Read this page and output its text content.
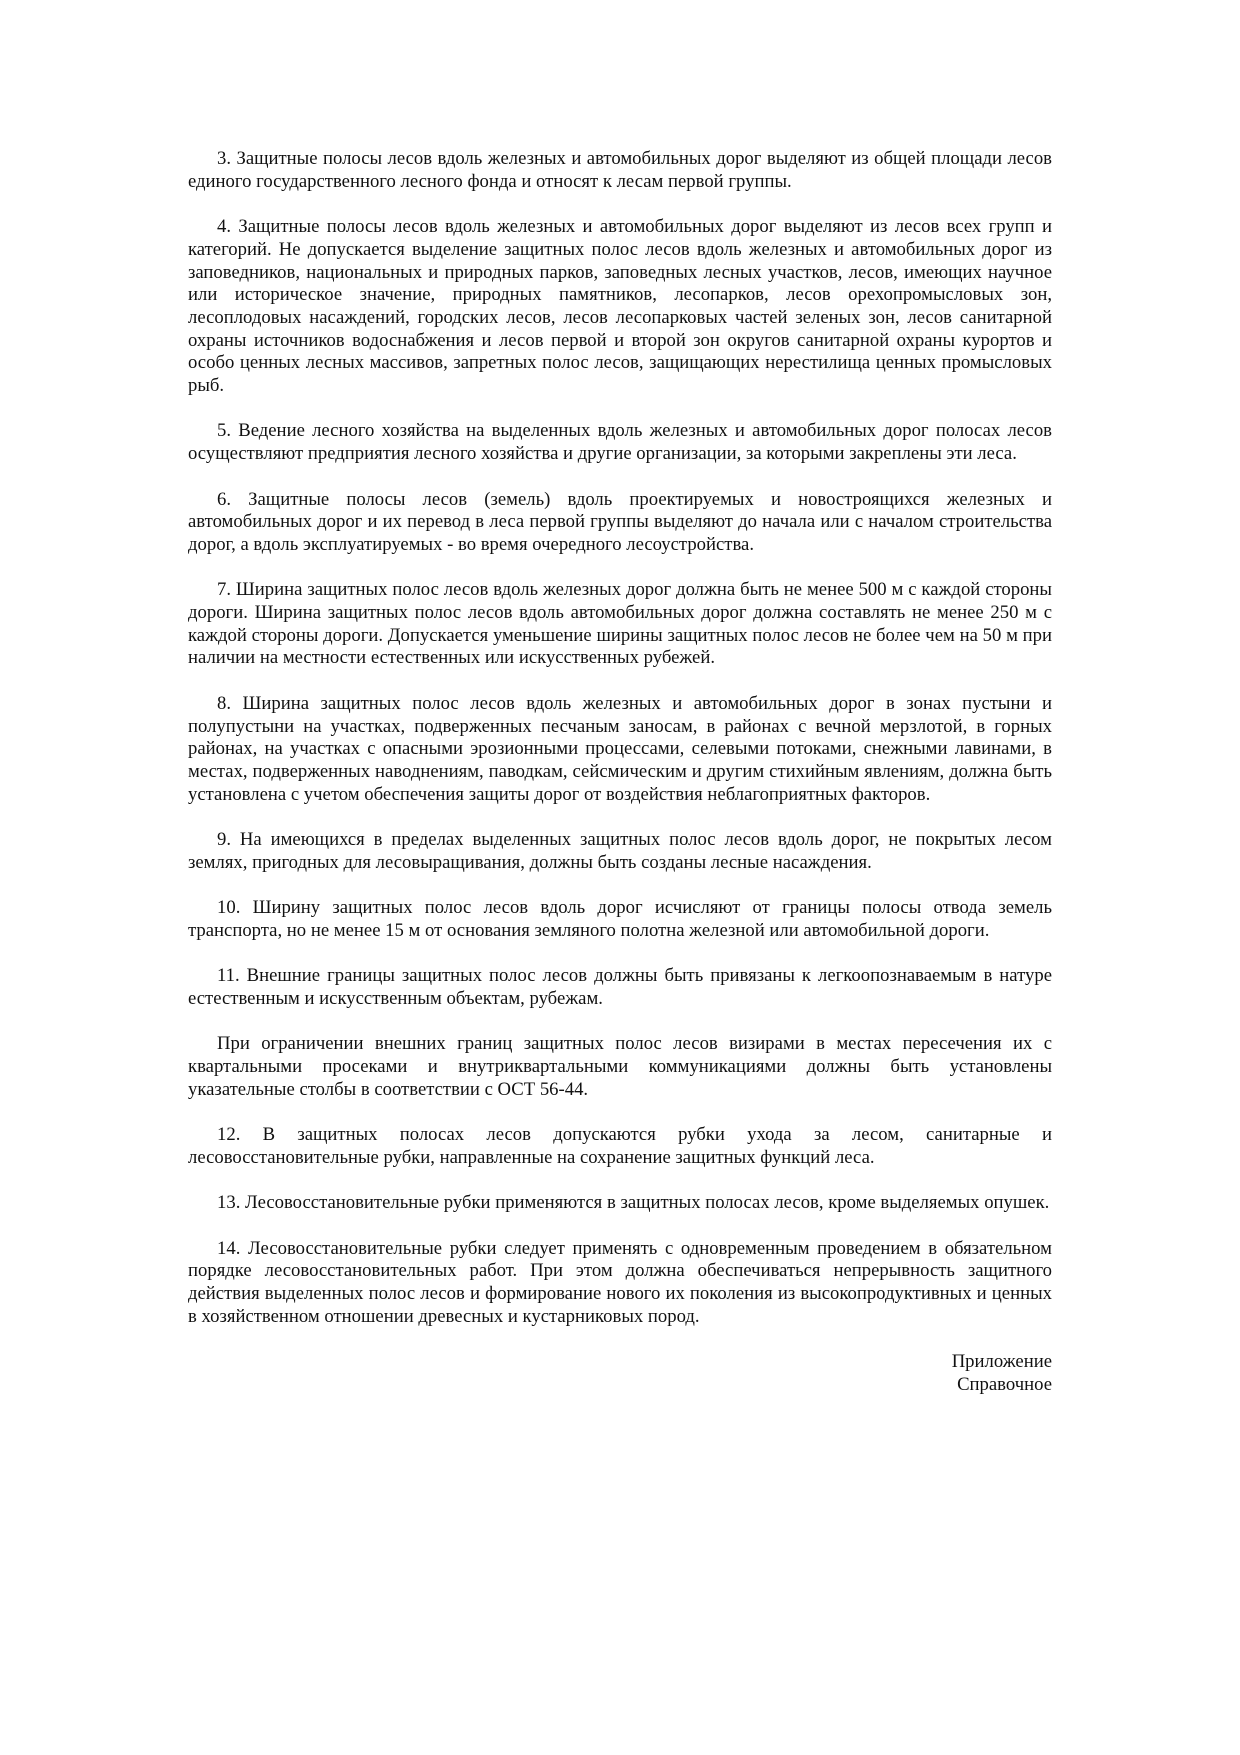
3. Защитные полосы лесов вдоль железных и автомобильных дорог выделяют из общей площади лесов единого государственного лесного фонда и относят к лесам первой группы.

4. Защитные полосы лесов вдоль железных и автомобильных дорог выделяют из лесов всех групп и категорий. Не допускается выделение защитных полос лесов вдоль железных и автомобильных дорог из заповедников, национальных и природных парков, заповедных лесных участков, лесов, имеющих научное или историческое значение, природных памятников, лесопарков, лесов орехопромысловых зон, лесоплодовых насаждений, городских лесов, лесов лесопарковых частей зеленых зон, лесов санитарной охраны источников водоснабжения и лесов первой и второй зон округов санитарной охраны курортов и особо ценных лесных массивов, запретных полос лесов, защищающих нерестилища ценных промысловых рыб.

5. Ведение лесного хозяйства на выделенных вдоль железных и автомобильных дорог полосах лесов осуществляют предприятия лесного хозяйства и другие организации, за которыми закреплены эти леса.

6. Защитные полосы лесов (земель) вдоль проектируемых и новостроящихся железных и автомобильных дорог и их перевод в леса первой группы выделяют до начала или с началом строительства дорог, а вдоль эксплуатируемых - во время очередного лесоустройства.

7. Ширина защитных полос лесов вдоль железных дорог должна быть не менее 500 м с каждой стороны дороги. Ширина защитных полос лесов вдоль автомобильных дорог должна составлять не менее 250 м с каждой стороны дороги. Допускается уменьшение ширины защитных полос лесов не более чем на 50 м при наличии на местности естественных или искусственных рубежей.

8. Ширина защитных полос лесов вдоль железных и автомобильных дорог в зонах пустыни и полупустыни на участках, подверженных песчаным заносам, в районах с вечной мерзлотой, в горных районах, на участках с опасными эрозионными процессами, селевыми потоками, снежными лавинами, в местах, подверженных наводнениям, паводкам, сейсмическим и другим стихийным явлениям, должна быть установлена с учетом обеспечения защиты дорог от воздействия неблагоприятных факторов.

9. На имеющихся в пределах выделенных защитных полос лесов вдоль дорог, не покрытых лесом землях, пригодных для лесовыращивания, должны быть созданы лесные насаждения.

10. Ширину защитных полос лесов вдоль дорог исчисляют от границы полосы отвода земель транспорта, но не менее 15 м от основания земляного полотна железной или автомобильной дороги.

11. Внешние границы защитных полос лесов должны быть привязаны к легкоопознаваемым в натуре естественным и искусственным объектам, рубежам.

При ограничении внешних границ защитных полос лесов визирами в местах пересечения их с квартальными просеками и внутриквартальными коммуникациями должны быть установлены указательные столбы в соответствии с ОСТ 56-44.

12. В защитных полосах лесов допускаются рубки ухода за лесом, санитарные и лесовосстановительные рубки, направленные на сохранение защитных функций леса.

13. Лесовосстановительные рубки применяются в защитных полосах лесов, кроме выделяемых опушек.

14. Лесовосстановительные рубки следует применять с одновременным проведением в обязательном порядке лесовосстановительных работ. При этом должна обеспечиваться непрерывность защитного действия выделенных полос лесов и формирование нового их поколения из высокопродуктивных и ценных в хозяйственном отношении древесных и кустарниковых пород.

Приложение
Справочное
